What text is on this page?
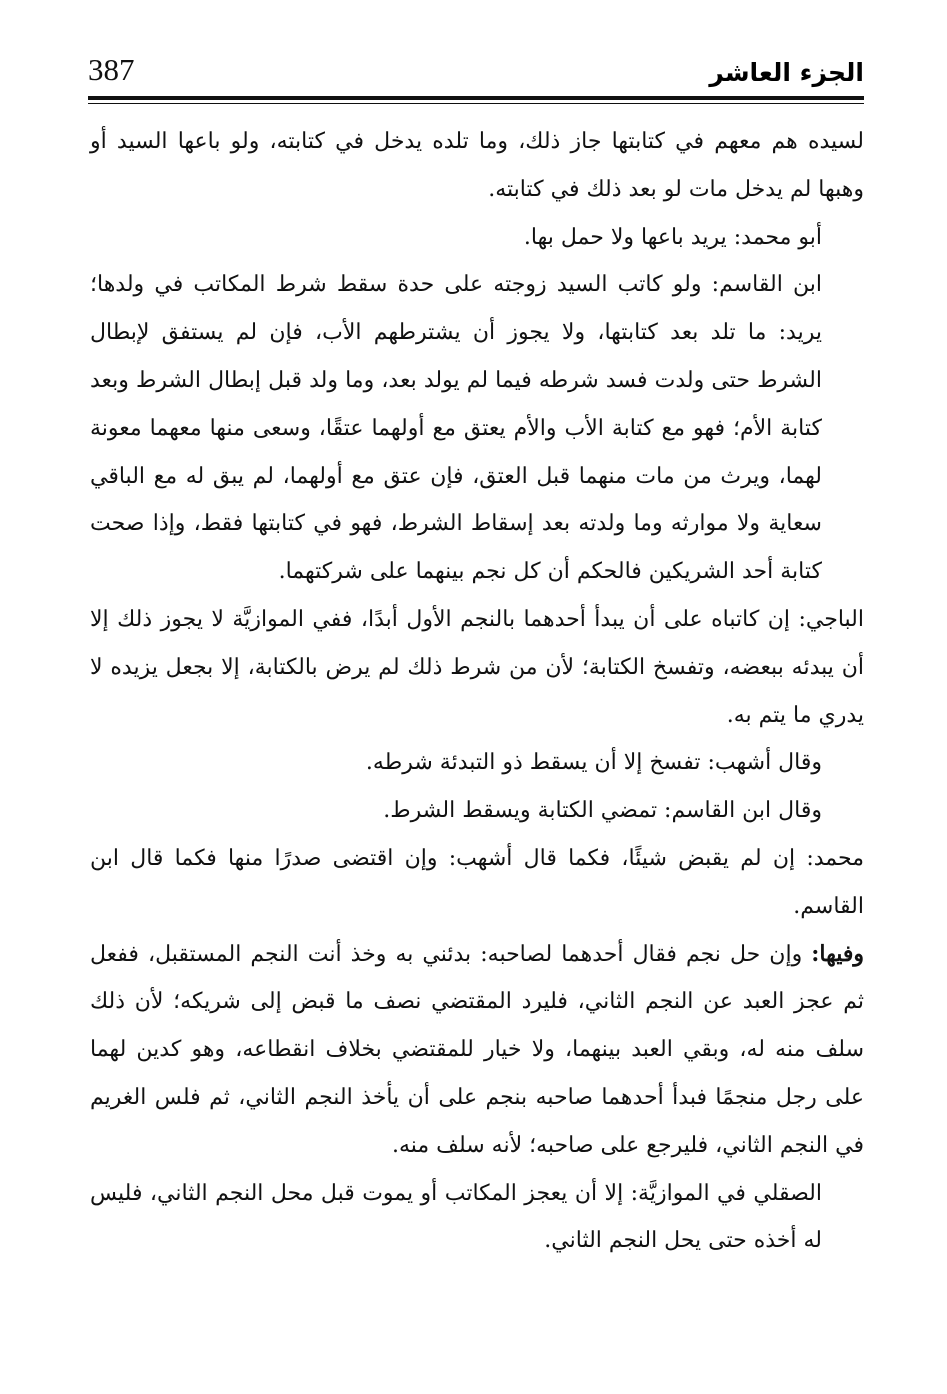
387	الجزء العاشر

لسيده هم معهم في كتابتها جاز ذلك، وما تلده يدخل في كتابته، ولو باعها السيد أو وهبها لم يدخل مات لو بعد ذلك في كتابته.

أبو محمد: يريد باعها ولا حمل بها.

ابن القاسم: ولو كاتب السيد زوجته على حدة سقط شرط المكاتب في ولدها؛ يريد: ما تلد بعد كتابتها، ولا يجوز أن يشترطهم الأب، فإن لم يستفق لإبطال الشرط حتى ولدت فسد شرطه فيما لم يولد بعد، وما ولد قبل إبطال الشرط وبعد كتابة الأم؛ فهو مع كتابة الأب والأم يعتق مع أولهما عتقًا، وسعى منها معهما معونة لهما، ويرث من مات منهما قبل العتق، فإن عتق مع أولهما، لم يبق له مع الباقي سعاية ولا موارثه وما ولدته بعد إسقاط الشرط، فهو في كتابتها فقط، وإذا صحت كتابة أحد الشريكين فالحكم أن كل نجم بينهما على شركتهما.

الباجي: إن كاتباه على أن يبدأ أحدهما بالنجم الأول أبدًا، ففي الموازيَّة لا يجوز ذلك إلا أن يبدئه ببعضه، وتفسخ الكتابة؛ لأن من شرط ذلك لم يرض بالكتابة، إلا بجعل يزيده لا يدري ما يتم به.

وقال أشهب: تفسخ إلا أن يسقط ذو التبدئة شرطه.

وقال ابن القاسم: تمضي الكتابة ويسقط الشرط.

محمد: إن لم يقبض شيئًا، فكما قال أشهب: وإن اقتضى صدرًا منها فكما قال ابن القاسم.

وفيها: وإن حل نجم فقال أحدهما لصاحبه: بدئني به وخذ أنت النجم المستقبل، ففعل ثم عجز العبد عن النجم الثاني، فليرد المقتضي نصف ما قبض إلى شريكه؛ لأن ذلك سلف منه له، وبقي العبد بينهما، ولا خيار للمقتضي بخلاف انقطاعه، وهو كدين لهما على رجل منجمًا فبدأ أحدهما صاحبه بنجم على أن يأخذ النجم الثاني، ثم فلس الغريم في النجم الثاني، فليرجع على صاحبه؛ لأنه سلف منه.

الصقلي في الموازيَّة: إلا أن يعجز المكاتب أو يموت قبل محل النجم الثاني، فليس له أخذه حتى يحل النجم الثاني.
